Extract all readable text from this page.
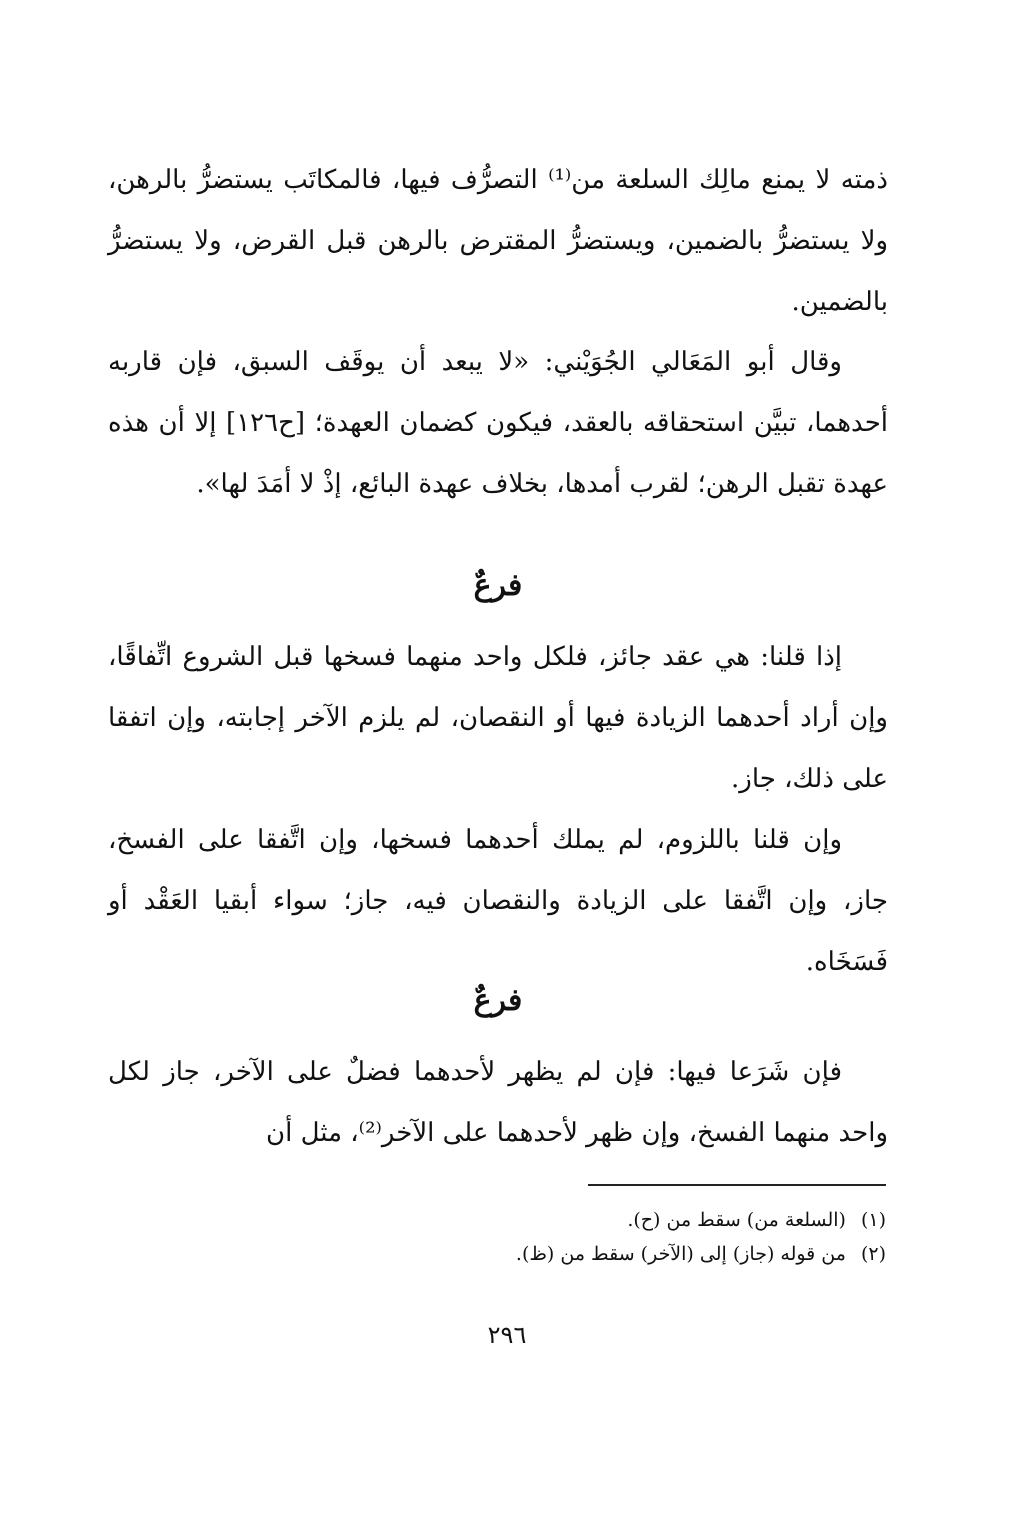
ذمته لا يمنع مالِك السلعة من⁽¹⁾ التصرُّف فيها، فالمكاتَب يستضرُّ بالرهن، ولا يستضرُّ بالضمين، ويستضرُّ المقترض بالرهن قبل القرض، ولا يستضرُّ بالضمين.
وقال أبو المَعَالي الجُوَيْني: «لا يبعد أن يوقَف السبق، فإن قاربه أحدهما، تبيَّن استحقاقه بالعقد، فيكون كضمان العهدة؛ [ح١٢٦] إلا أن هذه عهدة تقبل الرهن؛ لقرب أمدها، بخلاف عهدة البائع، إذْ لا أمَدَ لها».
فرعٌ
إذا قلنا: هي عقد جائز، فلكل واحد منهما فسخها قبل الشروع اتِّفاقًا، وإن أراد أحدهما الزيادة فيها أو النقصان، لم يلزم الآخر إجابته، وإن اتفقا على ذلك، جاز.
وإن قلنا باللزوم، لم يملك أحدهما فسخها، وإن اتَّفقا على الفسخ، جاز، وإن اتَّفقا على الزيادة والنقصان فيه، جاز؛ سواء أبقيا العَقْد أو فَسَخَاه.
فرعٌ
فإن شَرَعا فيها: فإن لم يظهر لأحدهما فضلٌ على الآخر، جاز لكل واحد منهما الفسخ، وإن ظهر لأحدهما على الآخر⁽²⁾، مثل أن
(١) (السلعة من) سقط من (ح).
(٢) من قوله (جاز) إلى (الآخر) سقط من (ظ).
٢٩٦
